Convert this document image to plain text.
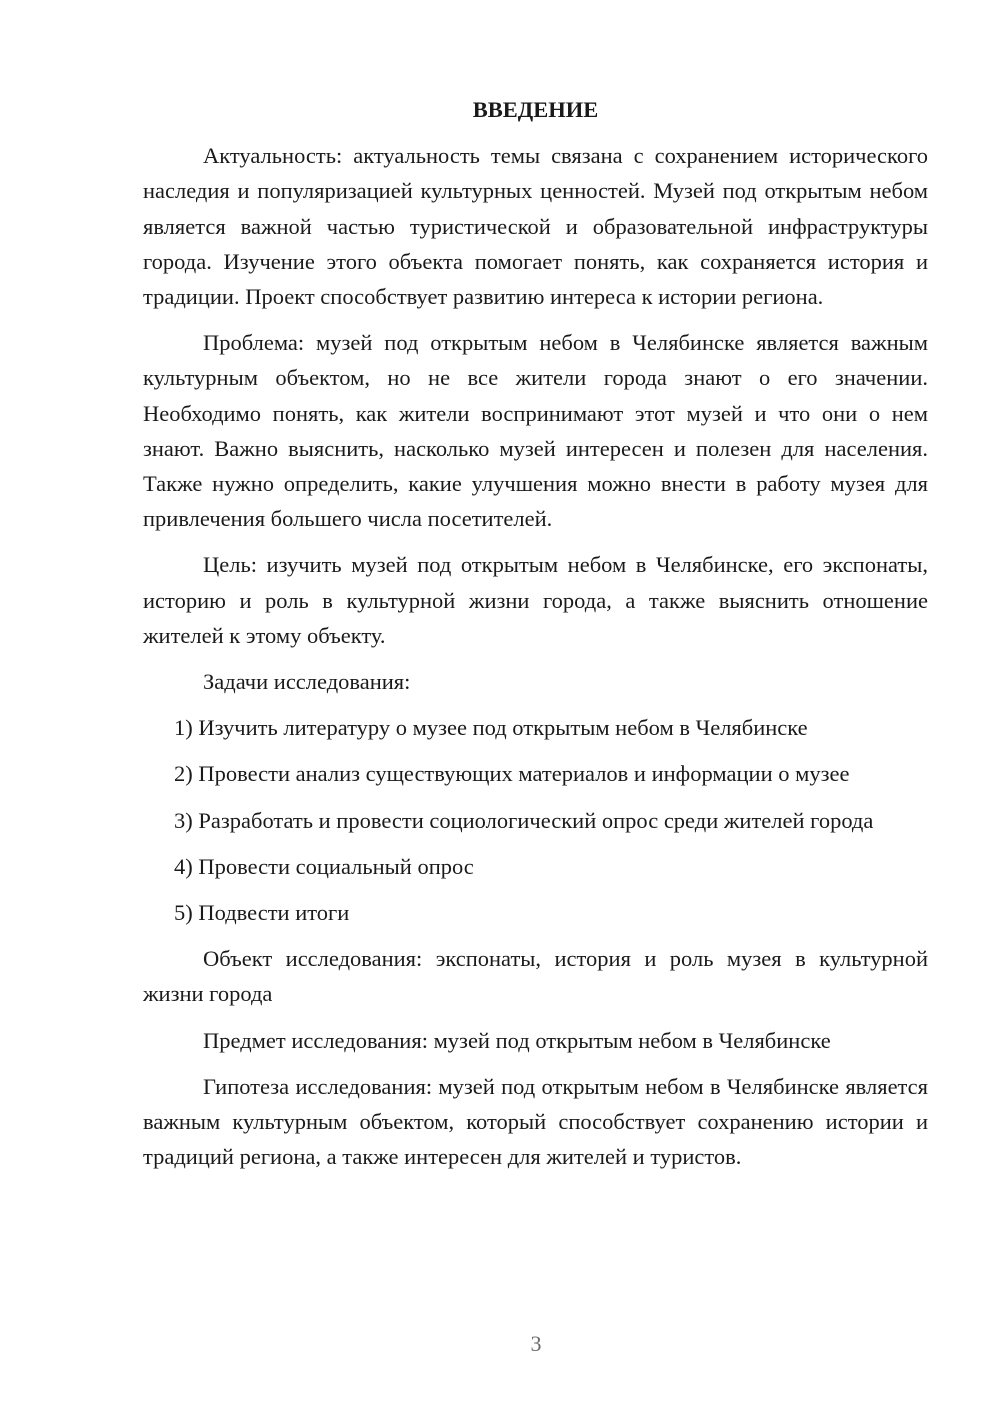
ВВЕДЕНИЕ

Актуальность: актуальность темы связана с сохранением исторического наследия и популяризацией культурных ценностей. Музей под открытым небом является важной частью туристической и образовательной инфраструктуры города. Изучение этого объекта помогает понять, как сохраняется история и традиции. Проект способствует развитию интереса к истории региона.

Проблема: музей под открытым небом в Челябинске является важным культурным объектом, но не все жители города знают о его значении. Необходимо понять, как жители воспринимают этот музей и что они о нем знают. Важно выяснить, насколько музей интересен и полезен для населения. Также нужно определить, какие улучшения можно внести в работу музея для привлечения большего числа посетителей.

Цель: изучить музей под открытым небом в Челябинске, его экспонаты, историю и роль в культурной жизни города, а также выяснить отношение жителей к этому объекту.

Задачи исследования:

1) Изучить литературу о музее под открытым небом в Челябинске

2) Провести анализ существующих материалов и информации о музее

3) Разработать и провести социологический опрос среди жителей города

4) Провести социальный опрос

5) Подвести итоги

Объект исследования: экспонаты, история и роль музея в культурной жизни города

Предмет исследования: музей под открытым небом в Челябинске

Гипотеза исследования: музей под открытым небом в Челябинске является важным культурным объектом, который способствует сохранению истории и традиций региона, а также интересен для жителей и туристов.

3
